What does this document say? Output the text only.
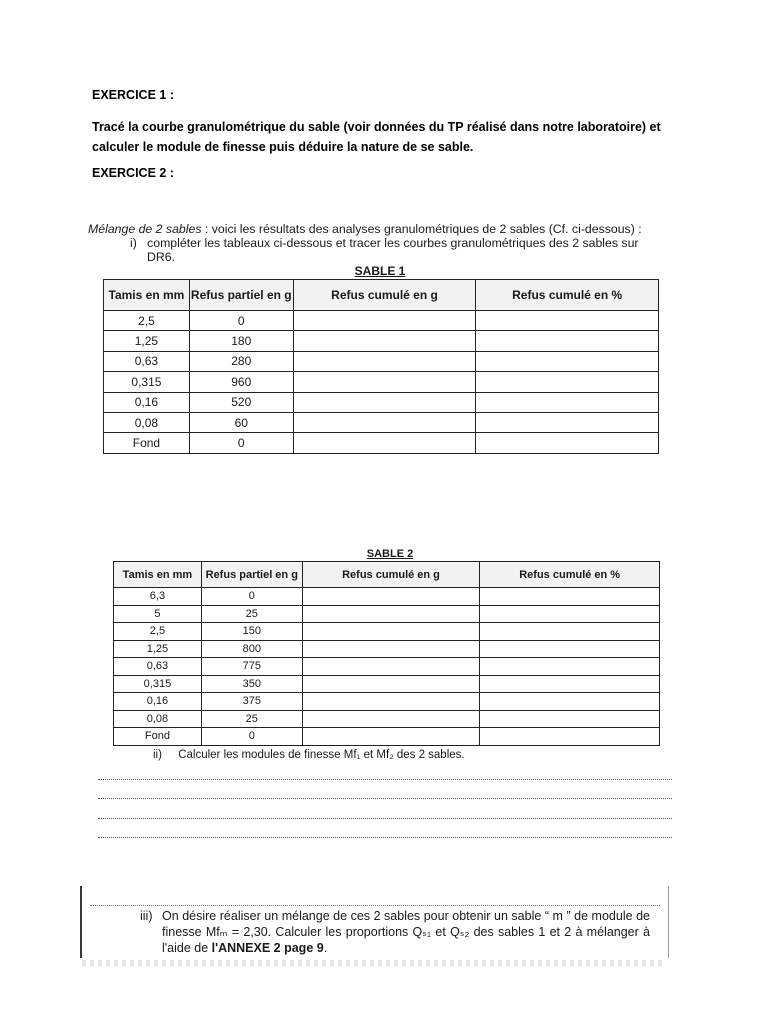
EXERCICE 1 :
Tracé la courbe granulométrique du sable (voir données du TP réalisé dans notre laboratoire) et
calculer le module de finesse puis déduire la nature de se sable.
EXERCICE 2 :

Mélange de 2 sables : voici les résultats des analyses granulométriques de 2 sables (Cf. ci-dessous) :

i) compléter les tableaux ci-dessous et tracer les courbes granulométriques des 2 sables sur
DR6.
SABLE 1
Tamis en mm	Refus partiel en g	Refus cumulé en g	Refus cumulé en %
2,5	0		
1,25	180		
0,63	280		
0,315	960		
0,16	520		
0,08	60		
Fond	0		
SABLE 2
Tamis en mm	Refus partiel en g	Refus cumulé en g	Refus cumulé en %
6,3	0		
5	25		
2,5	150		
1,25	800		
0,63	775		
0,315	350		
0,16	375		
0,08	25		
Fond	0		
ii) Calculer les modules de finesse Mf₁ et Mf₂ des 2 sables.
iii) On désire réaliser un mélange de ces 2 sables pour obtenir un sable “ m ” de module de finesse Mfₘ = 2,30. Calculer les proportions Qₛ₁ et Qₛ₂ des sables 1 et 2 à mélanger à l'aide de l'ANNEXE 2 page 9.
